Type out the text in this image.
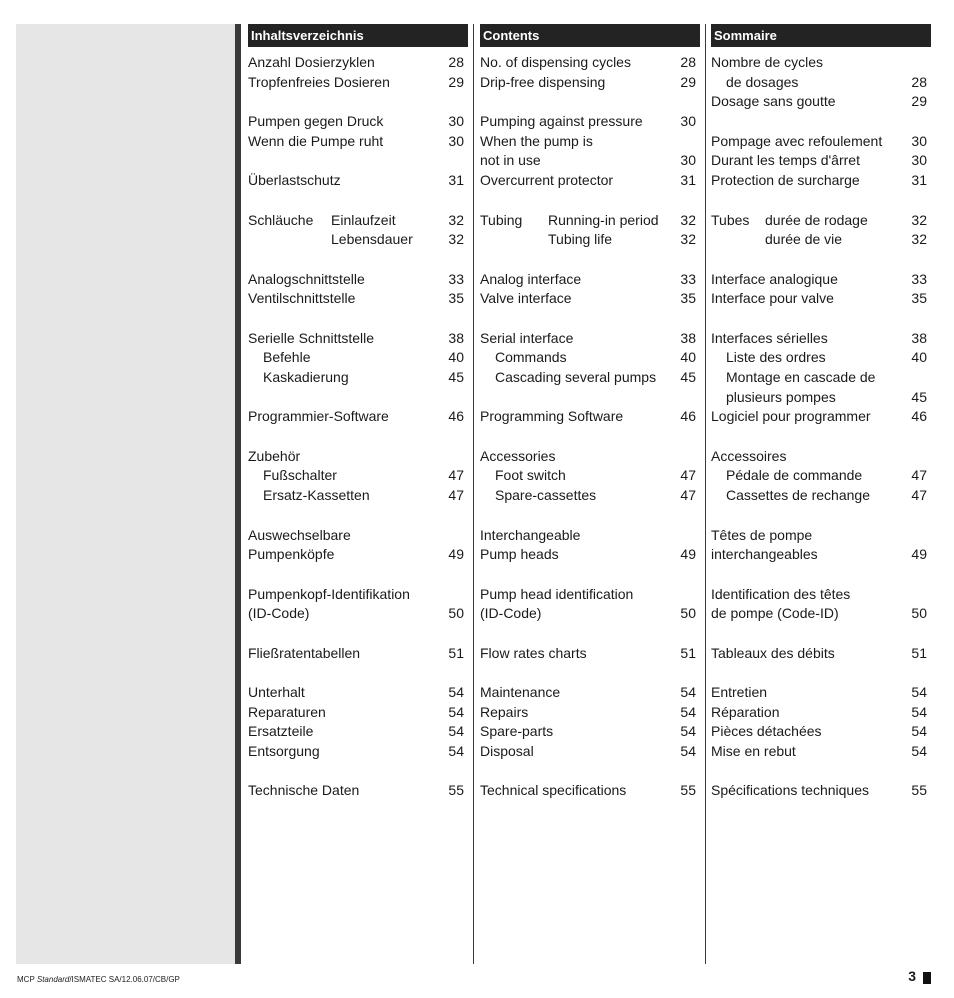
Inhaltsverzeichnis
Anzahl Dosierzyklen	28
Tropfenfreies Dosieren	29
Pumpen gegen Druck	30
Wenn die Pumpe ruht	30
Überlastschutz	31
Schläuche Einlaufzeit	32
Lebensdauer	32
Analogschnittstelle	33
Ventilschnittstelle	35
Serielle Schnittstelle	38
Befehle	40
Kaskadierung	45
Programmier-Software	46
Zubehör
Fußschalter	47
Ersatz-Kassetten	47
Auswechselbare
Pumpenköpfe	49
Pumpenkopf-Identifikation
(ID-Code)	50
Fließratentabellen	51
Unterhalt	54
Reparaturen	54
Ersatzteile	54
Entsorgung	54
Technische Daten	55
Contents
No. of dispensing cycles	28
Drip-free dispensing	29
Pumping against pressure	30
When the pump is
not in use	30
Overcurrent protector	31
Tubing Running-in period 32
Tubing life	32
Analog interface	33
Valve interface	35
Serial interface	38
Commands	40
Cascading several pumps 45
Programming Software	46
Accessories
Foot switch	47
Spare-cassettes	47
Interchangeable
Pump heads	49
Pump head identification
(ID-Code)	50
Flow rates charts	51
Maintenance	54
Repairs	54
Spare-parts	54
Disposal	54
Technical specifications	55
Sommaire
Nombre de cycles
de dosages	28
Dosage sans goutte	29
Pompage avec refoulement 30
Durant les temps d'ârret	30
Protection de surcharge	31
Tubes durée de rodage	32
durée de vie	32
Interface analogique	33
Interface pour valve	35
Interfaces sérielles	38
Liste des ordres	40
Montage en cascade de
plusieurs pompes	45
Logiciel pour programmer	46
Accessoires
Pédale de commande	47
Cassettes de rechange	47
Têtes de pompe
interchangeables	49
Identification des têtes
de pompe (Code-ID)	50
Tableaux des débits	51
Entretien	54
Réparation	54
Pièces détachées	54
Mise en rebut	54
Spécifications techniques	55
MCP Standard/ISMATEC SA/12.06.07/CB/GP	3
